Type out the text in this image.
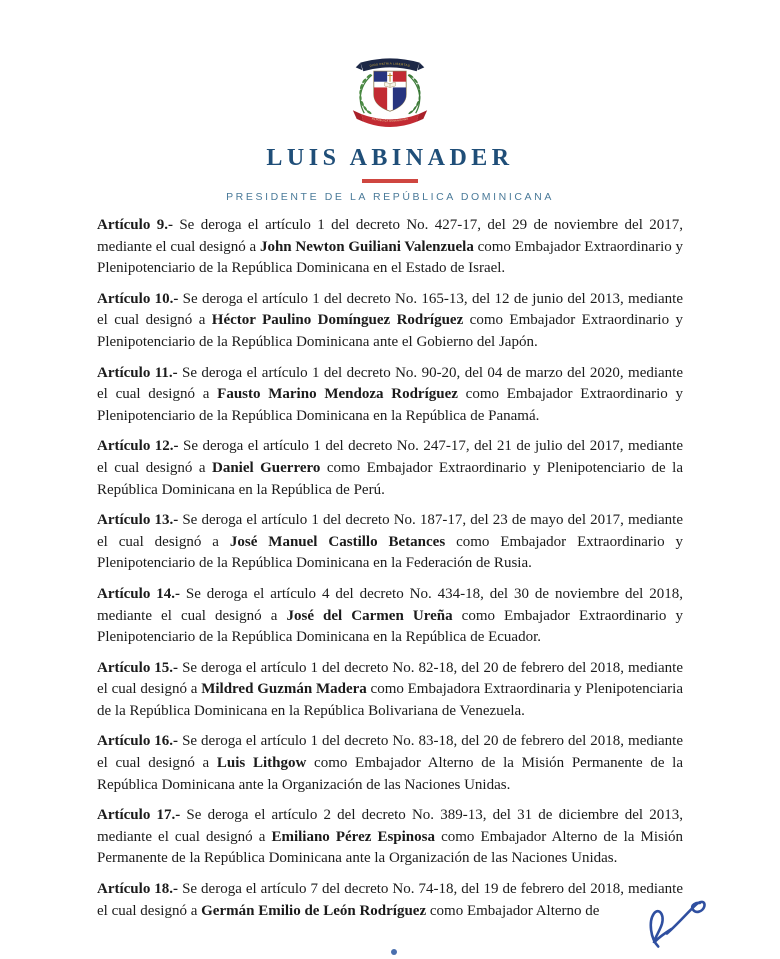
DIOS PATRIA LIBERTAD
REPÚBLICA DOMINICANA
LUIS ABINADER
PRESIDENTE DE LA REPÚBLICA DOMINICANA

Artículo 9.- Se deroga el artículo 1 del decreto No. 427-17, del 29 de noviembre del 2017, mediante el cual designó a John Newton Guiliani Valenzuela como Embajador Extraordinario y Plenipotenciario de la República Dominicana en el Estado de Israel.

Artículo 10.- Se deroga el artículo 1 del decreto No. 165-13, del 12 de junio del 2013, mediante el cual designó a Héctor Paulino Domínguez Rodríguez como Embajador Extraordinario y Plenipotenciario de la República Dominicana ante el Gobierno del Japón.

Artículo 11.- Se deroga el artículo 1 del decreto No. 90-20, del 04 de marzo del 2020, mediante el cual designó a Fausto Marino Mendoza Rodríguez como Embajador Extraordinario y Plenipotenciario de la República Dominicana en la República de Panamá.

Artículo 12.- Se deroga el artículo 1 del decreto No. 247-17, del 21 de julio del 2017, mediante el cual designó a Daniel Guerrero como Embajador Extraordinario y Plenipotenciario de la República Dominicana en la República de Perú.

Artículo 13.- Se deroga el artículo 1 del decreto No. 187-17, del 23 de mayo del 2017, mediante el cual designó a José Manuel Castillo Betances como Embajador Extraordinario y Plenipotenciario de la República Dominicana en la Federación de Rusia.

Artículo 14.- Se deroga el artículo 4 del decreto No. 434-18, del 30 de noviembre del 2018, mediante el cual designó a José del Carmen Ureña como Embajador Extraordinario y Plenipotenciario de la República Dominicana en la República de Ecuador.

Artículo 15.- Se deroga el artículo 1 del decreto No. 82-18, del 20 de febrero del 2018, mediante el cual designó a Mildred Guzmán Madera como Embajadora Extraordinaria y Plenipotenciaria de la República Dominicana en la República Bolivariana de Venezuela.

Artículo 16.- Se deroga el artículo 1 del decreto No. 83-18, del 20 de febrero del 2018, mediante el cual designó a Luis Lithgow como Embajador Alterno de la Misión Permanente de la República Dominicana ante la Organización de las Naciones Unidas.

Artículo 17.- Se deroga el artículo 2 del decreto No. 389-13, del 31 de diciembre del 2013, mediante el cual designó a Emiliano Pérez Espinosa como Embajador Alterno de la Misión Permanente de la República Dominicana ante la Organización de las Naciones Unidas.

Artículo 18.- Se deroga el artículo 7 del decreto No. 74-18, del 19 de febrero del 2018, mediante el cual designó a Germán Emilio de León Rodríguez como Embajador Alterno de
